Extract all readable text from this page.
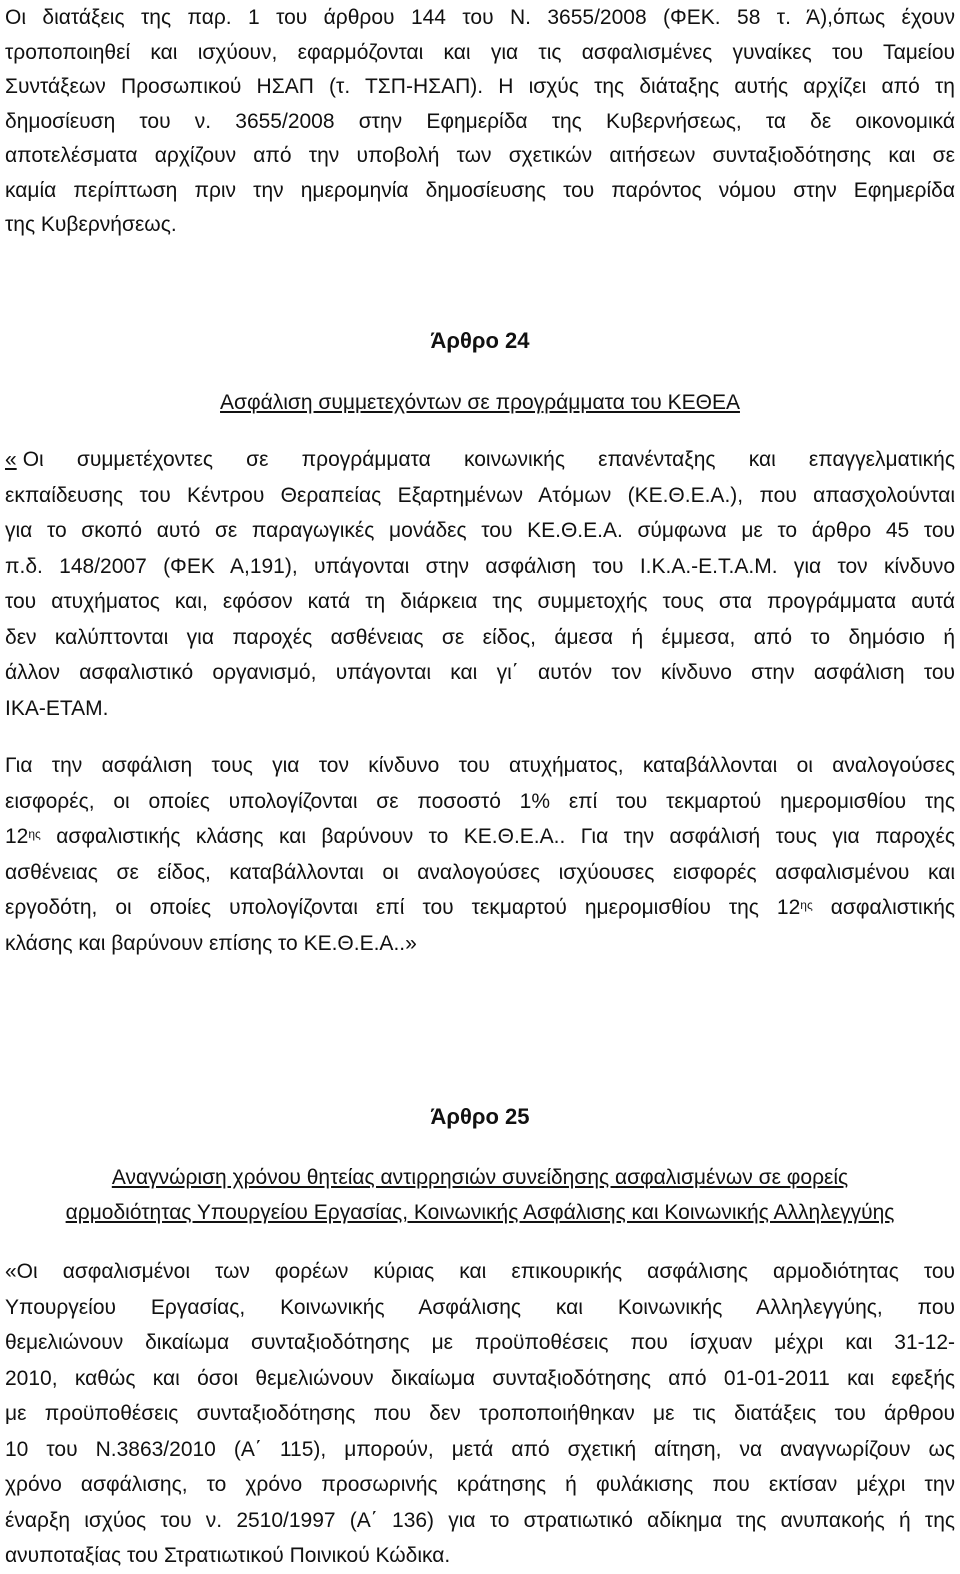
Οι διατάξεις της παρ. 1 του άρθρου 144 του Ν. 3655/2008 (ΦΕΚ. 58 τ. Ά),όπως έχουν
τροποποιηθεί και ισχύουν, εφαρμόζονται και για τις ασφαλισμένες γυναίκες του Ταμείου
Συντάξεων Προσωπικού ΗΣΑΠ (τ. ΤΣΠ-ΗΣΑΠ). Η ισχύς της διάταξης αυτής αρχίζει από τη
δημοσίευση του ν. 3655/2008 στην Εφημερίδα της Κυβερνήσεως, τα δε οικονομικά
αποτελέσματα αρχίζουν από την υποβολή των σχετικών αιτήσεων συνταξιοδότησης και σε
καμία περίπτωση πριν την ημερομηνία δημοσίευσης του παρόντος νόμου στην Εφημερίδα
της Κυβερνήσεως.
Άρθρο 24
Ασφάλιση συμμετεχόντων σε προγράμματα του ΚΕΘΕΑ
« Οι συμμετέχοντες σε προγράμματα κοινωνικής επανένταξης και επαγγελματικής
εκπαίδευσης του Κέντρου Θεραπείας Εξαρτημένων Ατόμων (ΚΕ.Θ.Ε.Α.), που απασχολούνται
για το σκοπό αυτό σε παραγωγικές μονάδες του ΚΕ.Θ.Ε.Α. σύμφωνα με το άρθρο 45 του
π.δ. 148/2007 (ΦΕΚ Α,191), υπάγονται στην ασφάλιση του Ι.Κ.Α.-Ε.Τ.Α.Μ. για τον κίνδυνο
του ατυχήματος και, εφόσον κατά τη διάρκεια της συμμετοχής τους στα προγράμματα αυτά
δεν καλύπτονται για παροχές ασθένειας σε είδος, άμεσα ή έμμεσα, από το δημόσιο ή
άλλον ασφαλιστικό οργανισμό, υπάγονται και γι΄ αυτόν τον κίνδυνο στην ασφάλιση του
ΙΚΑ-ΕΤΑΜ.
Για την ασφάλιση τους για τον κίνδυνο του ατυχήματος, καταβάλλονται οι αναλογούσες
εισφορές, οι οποίες υπολογίζονται σε ποσοστό 1% επί του τεκμαρτού ημερομισθίου της
$12^{\eta\varsigma}$ ασφαλιστικής κλάσης και βαρύνουν το ΚΕ.Θ.Ε.Α.. Για την ασφάλισή τους για παροχές
ασθένειας σε είδος, καταβάλλονται οι αναλογούσες ισχύουσες εισφορές ασφαλισμένου και
εργοδότη, οι οποίες υπολογίζονται επί του τεκμαρτού ημερομισθίου της $12^{\eta\varsigma}$ ασφαλιστικής
κλάσης και βαρύνουν επίσης το ΚΕ.Θ.Ε.Α..»
Άρθρο 25
Αναγνώριση χρόνου θητείας αντιρρησιών συνείδησης ασφαλισμένων σε φορείς
αρμοδιότητας Υπουργείου Εργασίας, Κοινωνικής Ασφάλισης και Κοινωνικής Αλληλεγγύης
«Οι ασφαλισμένοι των φορέων κύριας και επικουρικής ασφάλισης αρμοδιότητας του
Υπουργείου Εργασίας, Κοινωνικής Ασφάλισης και Κοινωνικής Αλληλεγγύης, που
θεμελιώνουν δικαίωμα συνταξιοδότησης με προϋποθέσεις που ίσχυαν μέχρι και 31-12-
2010, καθώς και όσοι θεμελιώνουν δικαίωμα συνταξιοδότησης από 01-01-2011 και εφεξής
με προϋποθέσεις συνταξιοδότησης που δεν τροποποιήθηκαν με τις διατάξεις του άρθρου
10 του Ν.3863/2010 (Α΄ 115), μπορούν, μετά από σχετική αίτηση, να αναγνωρίζουν ως
χρόνο ασφάλισης, το χρόνο προσωρινής κράτησης ή φυλάκισης που εκτίσαν μέχρι την
έναρξη ισχύος του ν. 2510/1997 (Α΄ 136) για το στρατιωτικό αδίκημα της ανυπακοής ή της
ανυποταξίας του Στρατιωτικού Ποινικού Κώδικα.
